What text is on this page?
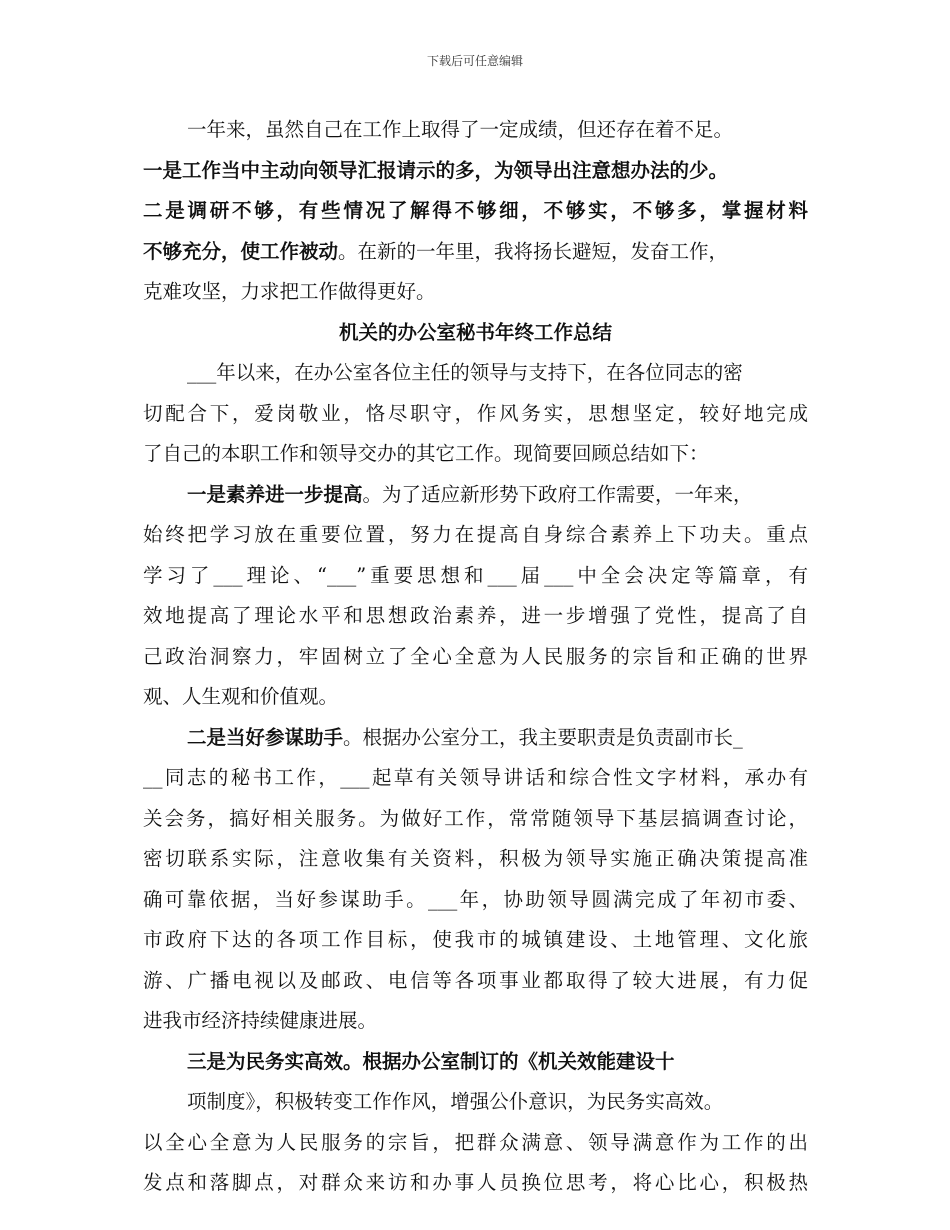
下载后可任意编辑
一年来，虽然自己在工作上取得了一定成绩，但还存在着不足。
一是工作当中主动向领导汇报请示的多，为领导出注意想办法的少。
二是调研不够，有些情况了解得不够细，不够实，不够多，掌握材料
不够充分，使工作被动。在新的一年里，我将扬长避短，发奋工作，
克难攻坚，力求把工作做得更好。
机关的办公室秘书年终工作总结
___年以来，在办公室各位主任的领导与支持下，在各位同志的密
切配合下，爱岗敬业，恪尽职守，作风务实，思想坚定，较好地完成
了自己的本职工作和领导交办的其它工作。现简要回顾总结如下：
一是素养进一步提高。为了适应新形势下政府工作需要，一年来，
始终把学习放在重要位置，努力在提高自身综合素养上下功夫。重点
学习了___理论、“___”重要思想和___届___中全会决定等篇章，有
效地提高了理论水平和思想政治素养，进一步增强了党性，提高了自
己政治洞察力，牢固树立了全心全意为人民服务的宗旨和正确的世界
观、人生观和价值观。
二是当好参谋助手。根据办公室分工，我主要职责是负责副市长_
__同志的秘书工作，___起草有关领导讲话和综合性文字材料，承办有
关会务，搞好相关服务。为做好工作，常常随领导下基层搞调查讨论，
密切联系实际，注意收集有关资料，积极为领导实施正确决策提高准
确可靠依据，当好参谋助手。___年，协助领导圆满完成了年初市委、
市政府下达的各项工作目标，使我市的城镇建设、土地管理、文化旅
游、广播电视以及邮政、电信等各项事业都取得了较大进展，有力促
进我市经济持续健康进展。
三是为民务实高效。根据办公室制订的《机关效能建设十
项制度》，积极转变工作作风，增强公仆意识，为民务实高效。
以全心全意为人民服务的宗旨，把群众满意、领导满意作为工作的出
发点和落脚点，对群众来访和办事人员换位思考，将心比心，积极热
